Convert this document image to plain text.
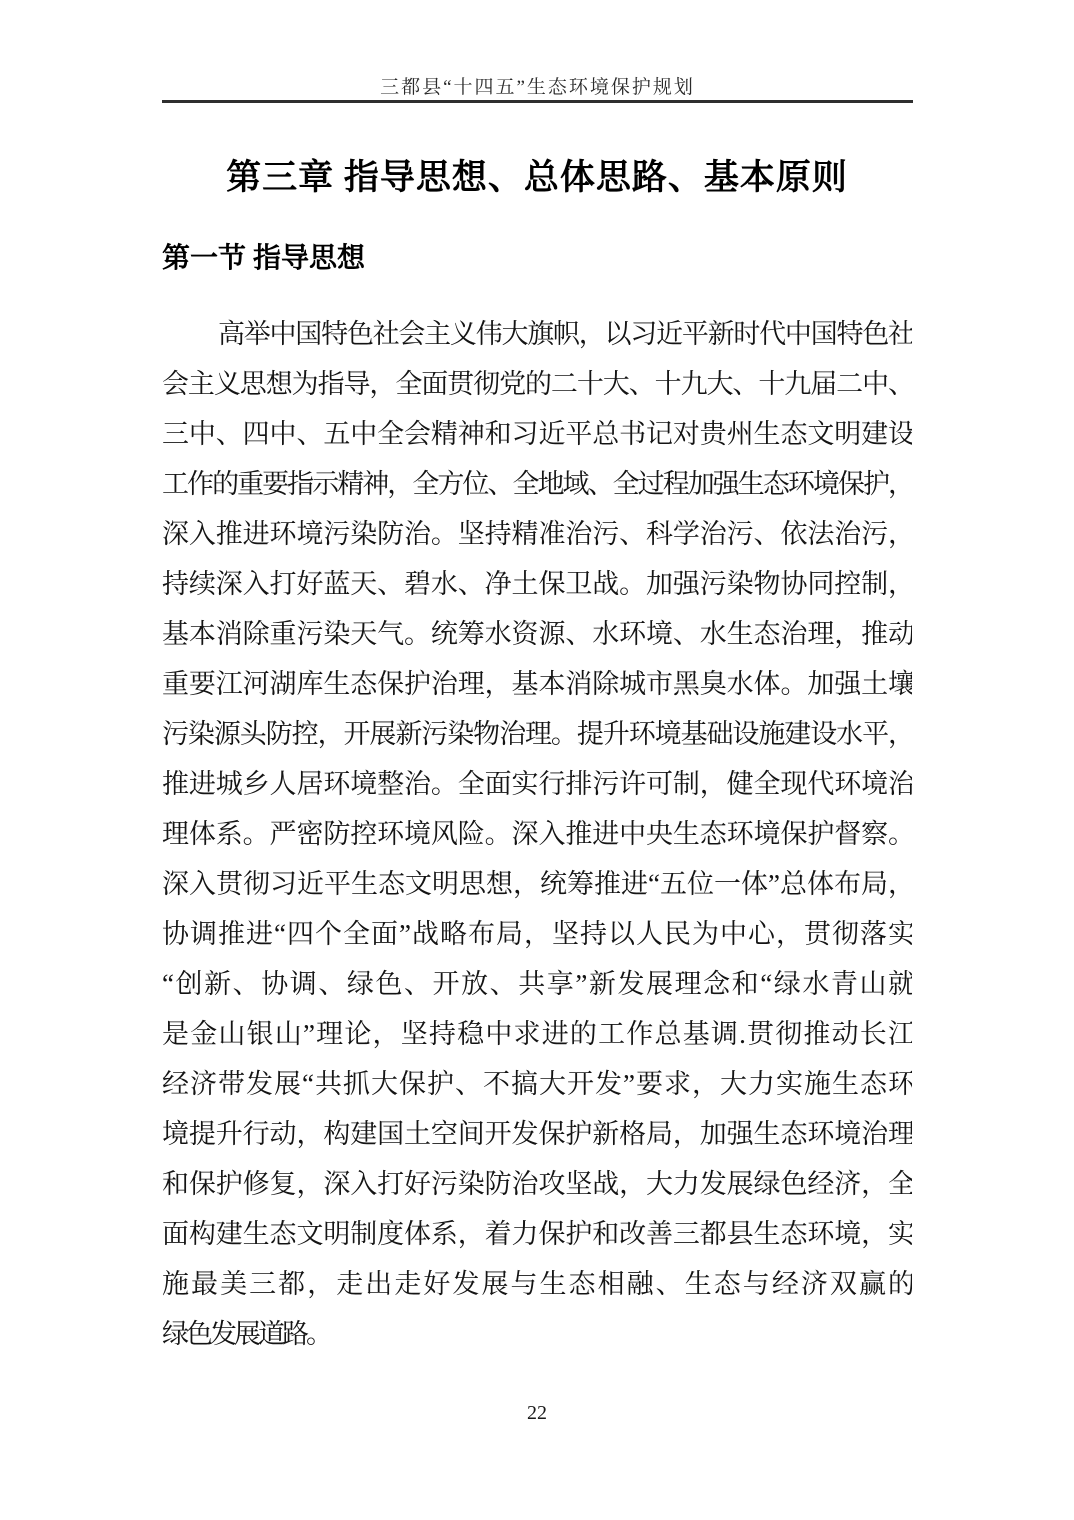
三都县“十四五”生态环境保护规划
第三章 指导思想、总体思路、基本原则
第一节 指导思想
高举中国特色社会主义伟大旗帜，以习近平新时代中国特色社
会主义思想为指导，全面贯彻党的二十大、十九大、十九届二中、
三中、四中、五中全会精神和习近平总书记对贵州生态文明建设
工作的重要指示精神，全方位、全地域、全过程加强生态环境保护，
深入推进环境污染防治。坚持精准治污、科学治污、依法治污，
持续深入打好蓝天、碧水、净土保卫战。加强污染物协同控制，
基本消除重污染天气。统筹水资源、水环境、水生态治理，推动
重要江河湖库生态保护治理，基本消除城市黑臭水体。加强土壤
污染源头防控，开展新污染物治理。提升环境基础设施建设水平，
推进城乡人居环境整治。全面实行排污许可制，健全现代环境治
理体系。严密防控环境风险。深入推进中央生态环境保护督察。
深入贯彻习近平生态文明思想，统筹推进“五位一体”总体布局，
协调推进“四个全面”战略布局，坚持以人民为中心，贯彻落实
“创新、协调、绿色、开放、共享”新发展理念和“绿水青山就
是金山银山”理论，坚持稳中求进的工作总基调.贯彻推动长江
经济带发展“共抓大保护、不搞大开发”要求，大力实施生态环
境提升行动，构建国土空间开发保护新格局，加强生态环境治理
和保护修复，深入打好污染防治攻坚战，大力发展绿色经济，全
面构建生态文明制度体系，着力保护和改善三都县生态环境，实
施最美三都，走出走好发展与生态相融、生态与经济双赢的
绿色发展道路。
22
